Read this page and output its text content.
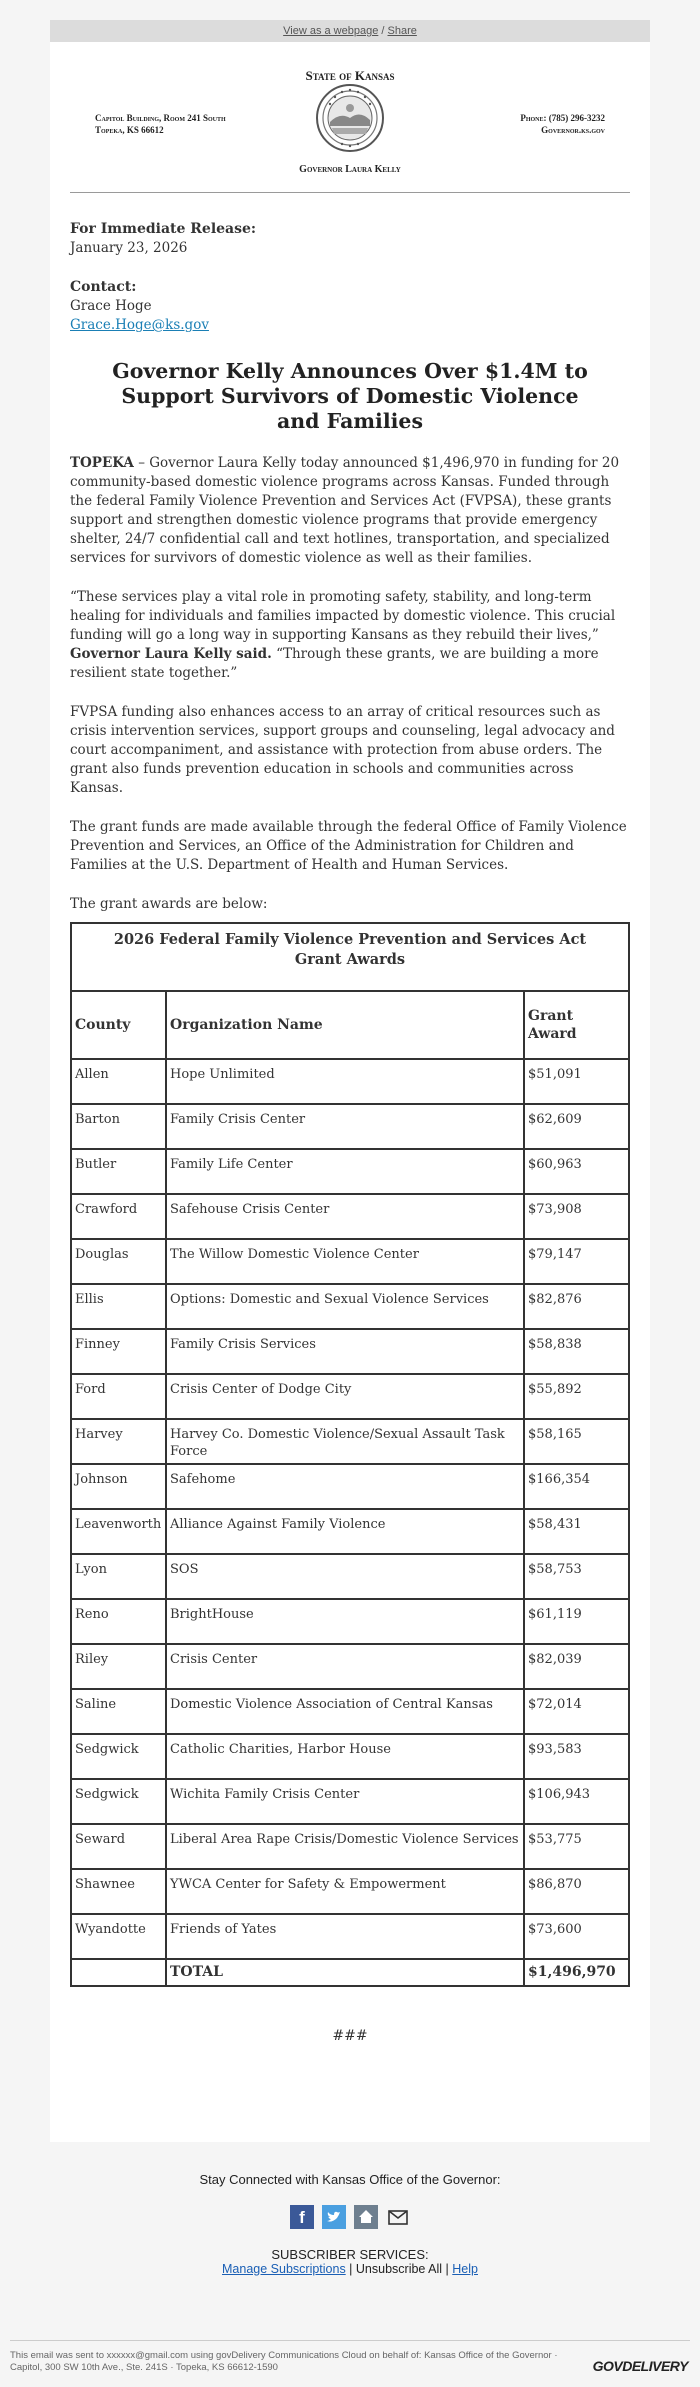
View as a webpage / Share
State of Kansas
Capitol Building, Room 241 South
Topeka, KS 66612
Phone: (785) 296-3232
Governor.ks.gov
Governor Laura Kelly
For Immediate Release:
January 23, 2026
Contact:
Grace Hoge
Grace.Hoge@ks.gov
Governor Kelly Announces Over $1.4M to Support Survivors of Domestic Violence and Families

TOPEKA – Governor Laura Kelly today announced $1,496,970 in funding for 20 community-based domestic violence programs across Kansas. Funded through the federal Family Violence Prevention and Services Act (FVPSA), these grants support and strengthen domestic violence programs that provide emergency shelter, 24/7 confidential call and text hotlines, transportation, and specialized services for survivors of domestic violence as well as their families.

“These services play a vital role in promoting safety, stability, and long-term healing for individuals and families impacted by domestic violence. This crucial funding will go a long way in supporting Kansans as they rebuild their lives,” Governor Laura Kelly said. “Through these grants, we are building a more resilient state together.”

FVPSA funding also enhances access to an array of critical resources such as crisis intervention services, support groups and counseling, legal advocacy and court accompaniment, and assistance with protection from abuse orders. The grant also funds prevention education in schools and communities across Kansas.

The grant funds are made available through the federal Office of Family Violence Prevention and Services, an Office of the Administration for Children and Families at the U.S. Department of Health and Human Services.

The grant awards are below:

2026 Federal Family Violence Prevention and Services Act
Grant Awards		

County	Organization Name	Grant Award
Allen	Hope Unlimited	$51,091
Barton	Family Crisis Center	$62,609
Butler	Family Life Center	$60,963
Crawford	Safehouse Crisis Center	$73,908
Douglas	The Willow Domestic Violence Center	$79,147
Ellis	Options: Domestic and Sexual Violence Services	$82,876
Finney	Family Crisis Services	$58,838
Ford	Crisis Center of Dodge City	$55,892
Harvey	Harvey Co. Domestic Violence/Sexual Assault Task Force	$58,165
Johnson	Safehome	$166,354
Leavenworth	Alliance Against Family Violence	$58,431
Lyon	SOS	$58,753
Reno	BrightHouse	$61,119
Riley	Crisis Center	$82,039
Saline	Domestic Violence Association of Central Kansas	$72,014
Sedgwick	Catholic Charities, Harbor House	$93,583
Sedgwick	Wichita Family Crisis Center	$106,943
Seward	Liberal Area Rape Crisis/Domestic Violence Services	$53,775
Shawnee	YWCA Center for Safety & Empowerment	$86,870
Wyandotte	Friends of Yates	$73,600
	TOTAL	$1,496,970
###
Stay Connected with Kansas Office of the Governor:
f
SUBSCRIBER SERVICES:
Manage Subscriptions | Unsubscribe All | Help
This email was sent to xxxxxx@gmail.com using govDelivery Communications Cloud on behalf of: Kansas Office of the Governor · Capitol, 300 SW 10th Ave., Ste. 241S · Topeka, KS 66612-1590	GOVDELIVERY
